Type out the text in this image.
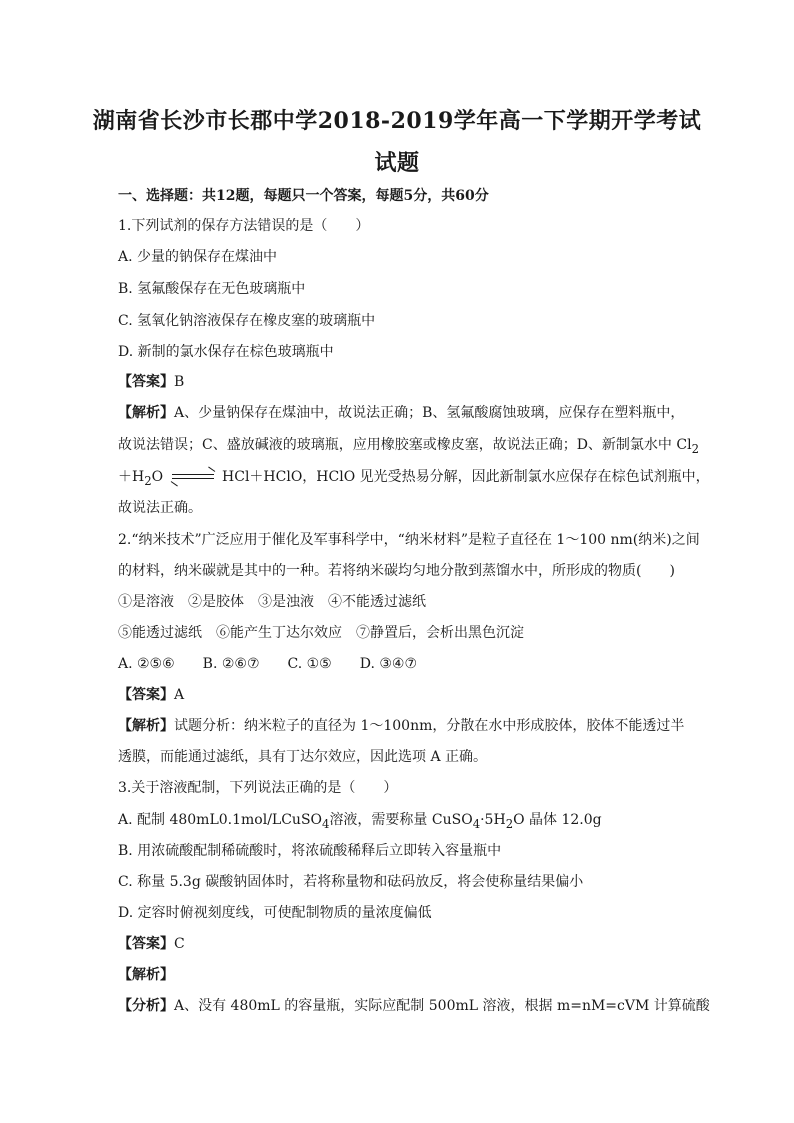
湖南省长沙市长郡中学2018-2019学年高一下学期开学考试
试题
一、选择题：共12题，每题只一个答案，每题5分，共60分
1.下列试剂的保存方法错误的是（　　）
A. 少量的钠保存在煤油中
B. 氢氟酸保存在无色玻璃瓶中
C. 氢氧化钠溶液保存在橡皮塞的玻璃瓶中
D. 新制的氯水保存在棕色玻璃瓶中
【答案】B
【解析】A、少量钠保存在煤油中，故说法正确；B、氢氟酸腐蚀玻璃，应保存在塑料瓶中，
故说法错误；C、盛放碱液的玻璃瓶，应用橡胶塞或橡皮塞，故说法正确；D、新制氯水中 $Cl_2$
$+H_2O$	HCl＋HClO，HClO 见光受热易分解，因此新制氯水应保存在棕色试剂瓶中，
故说法正确。
2.“纳米技术”广泛应用于催化及军事科学中，“纳米材料”是粒子直径在 1～100 nm(纳米)之间
的材料，纳米碳就是其中的一种。若将纳米碳均匀地分散到蒸馏水中，所形成的物质(　　)
①是溶液　②是胶体　③是浊液　④不能透过滤纸
⑤能透过滤纸　⑥能产生丁达尔效应　⑦静置后，会析出黑色沉淀
A. ②⑤⑥　　B. ②⑥⑦　　C. ①⑤　　D. ③④⑦
【答案】A
【解析】试题分析：纳米粒子的直径为 1～100nm，分散在水中形成胶体，胶体不能透过半
透膜，而能通过滤纸，具有丁达尔效应，因此选项 A 正确。
3.关于溶液配制，下列说法正确的是（　　）
A. 配制 480mL0.1mol/LCuSO$_4$溶液，需要称量 $CuSO_4\cdot 5H_2O$ 晶体 12.0g
B. 用浓硫酸配制稀硫酸时，将浓硫酸稀释后立即转入容量瓶中
C. 称量 5.3g 碳酸钠固体时，若将称量物和砝码放反，将会使称量结果偏小
D. 定容时俯视刻度线，可使配制物质的量浓度偏低
【答案】C
【解析】
【分析】A、没有 480mL 的容量瓶，实际应配制 500mL 溶液，根据 m=nM=cVM 计算硫酸
